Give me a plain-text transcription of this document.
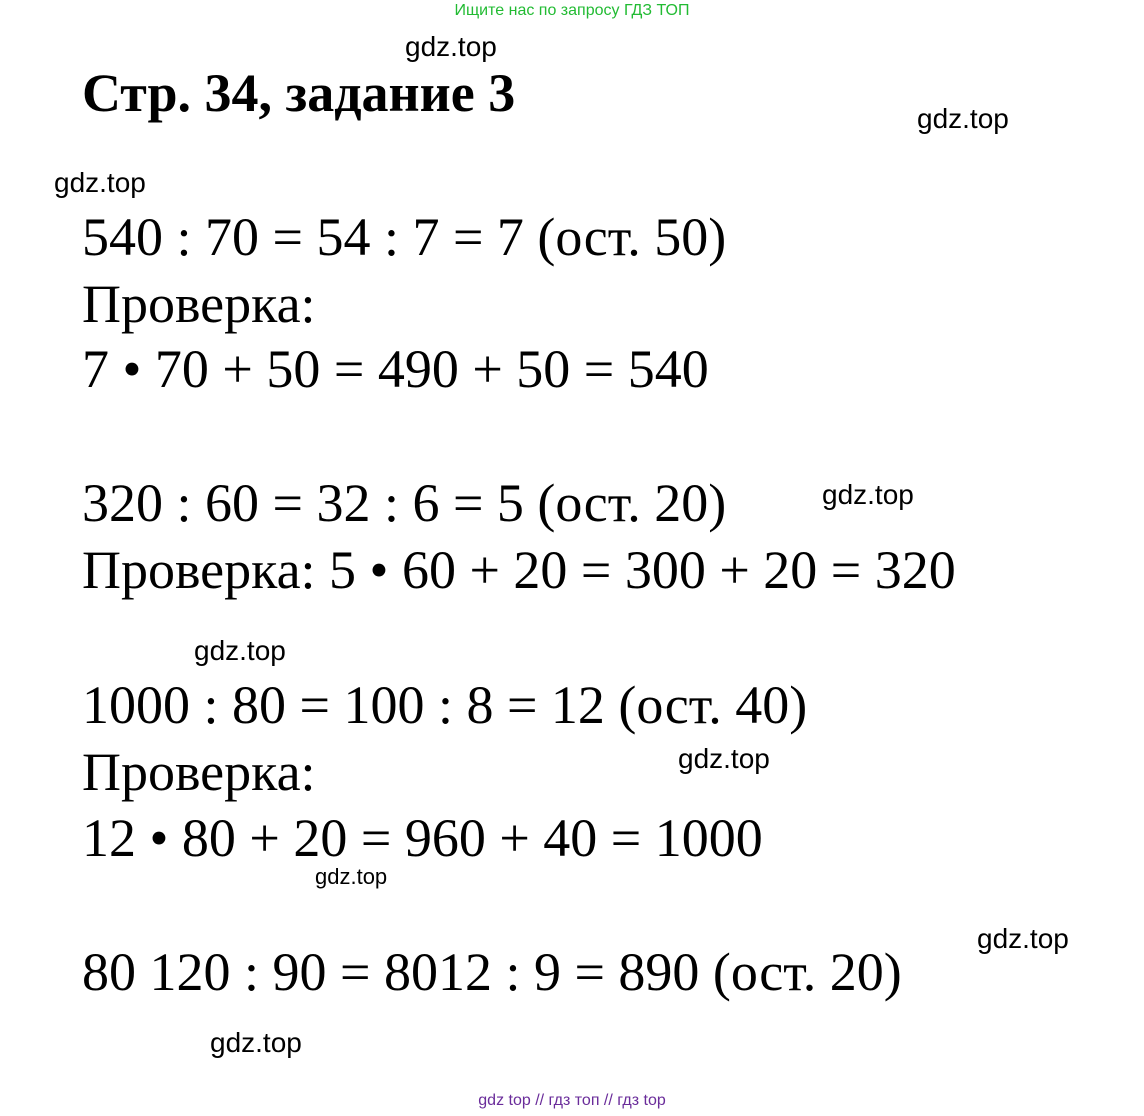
Ищите нас по запросу ГДЗ ТОП
Стр. 34, задание 3

540 : 70 = 54 : 7 = 7 (ост. 50)

Проверка:

7 • 70 + 50 = 490 + 50 = 540

320 : 60 = 32 : 6 = 5 (ост. 20)

Проверка: 5 • 60 + 20 = 300 + 20 = 320

1000 : 80 = 100 : 8 = 12 (ост. 40)

Проверка:

12 • 80 + 20 = 960 + 40 = 1000

80 120 : 90 = 8012 : 9 = 890 (ост. 20)

gdz.top
gdz.top
gdz.top
gdz.top
gdz.top
gdz.top
gdz.top
gdz.top
gdz.top
gdz top // гдз топ // гдз top
